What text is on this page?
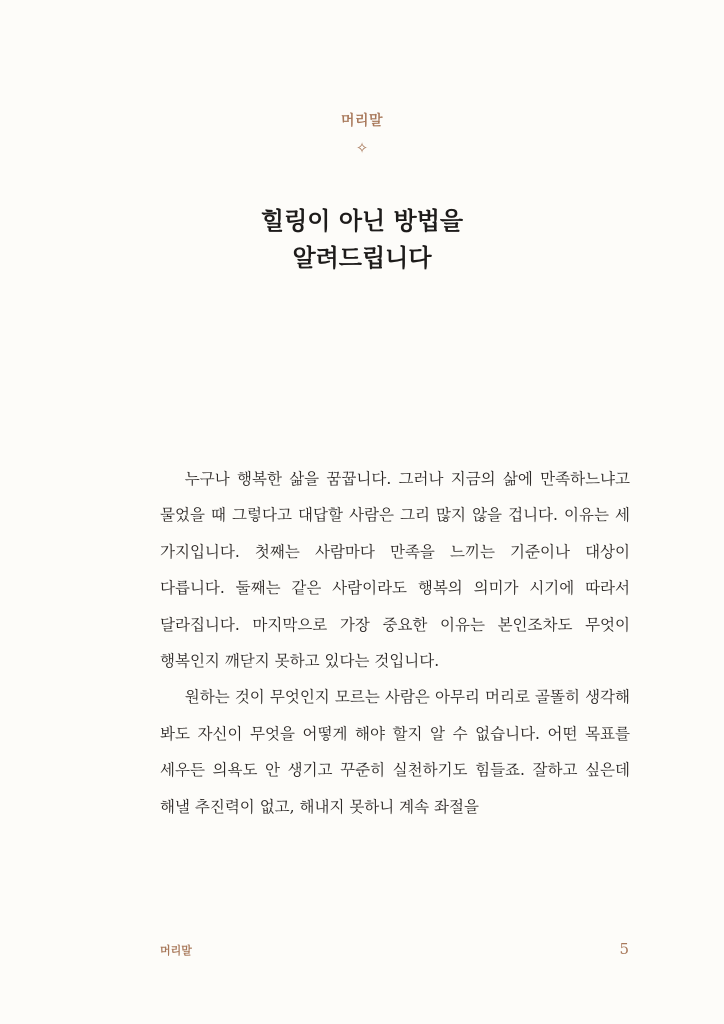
머리말
✧
힐링이 아닌 방법을
알려드립니다

누구나 행복한 삶을 꿈꿉니다. 그러나 지금의 삶에 만족하느냐고 물었을 때 그렇다고 대답할 사람은 그리 많지 않을 겁니다. 이유는 세 가지입니다. 첫째는 사람마다 만족을 느끼는 기준이나 대상이 다릅니다. 둘째는 같은 사람이라도 행복의 의미가 시기에 따라서 달라집니다. 마지막으로 가장 중요한 이유는 본인조차도 무엇이 행복인지 깨닫지 못하고 있다는 것입니다.

원하는 것이 무엇인지 모르는 사람은 아무리 머리로 골똘히 생각해 봐도 자신이 무엇을 어떻게 해야 할지 알 수 없습니다. 어떤 목표를 세우든 의욕도 안 생기고 꾸준히 실천하기도 힘들죠. 잘하고 싶은데 해낼 추진력이 없고, 해내지 못하니 계속 좌절을

머리말	5
